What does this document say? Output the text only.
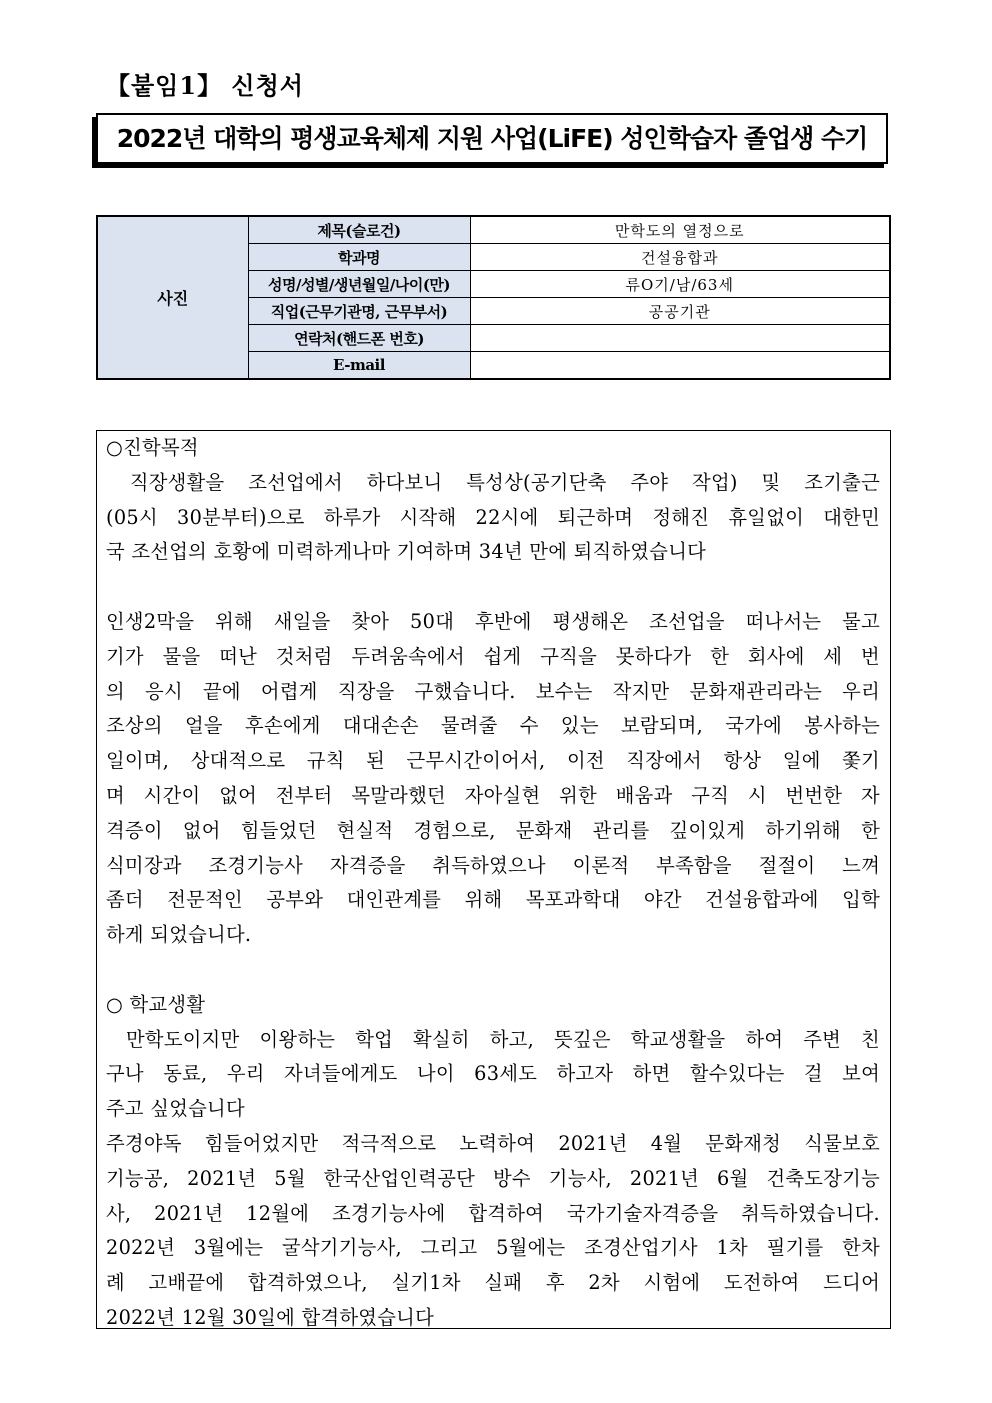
【붙임1】 신청서
2022년 대학의 평생교육체제 지원 사업(LiFE) 성인학습자 졸업생 수기
사진	제목(슬로건)	만학도의 열정으로
	학과명	건설융합과
	성명/성별/생년월일/나이(만)	류O기/남/63세
	직업(근무기관명, 근무부서)	공공기관
	연락처(핸드폰 번호)	
	E-mail	

○진학목적

직장생활을 조선업에서 하다보니 특성상(공기단축 주야 작업) 및 조기출근

(05시 30분부터)으로 하루가 시작해 22시에 퇴근하며 정해진 휴일없이 대한민

국 조선업의 호황에 미력하게나마 기여하며 34년 만에 퇴직하였습니다

인생2막을 위해 새일을 찾아 50대 후반에 평생해온 조선업을 떠나서는 물고

기가 물을 떠난 것처럼 두려움속에서 쉽게 구직을 못하다가 한 회사에 세 번

의 응시 끝에 어렵게 직장을 구했습니다. 보수는 작지만 문화재관리라는 우리

조상의 얼을 후손에게 대대손손 물려줄 수 있는 보람되며, 국가에 봉사하는

일이며, 상대적으로 규칙 된 근무시간이어서, 이전 직장에서 항상 일에 쫓기

며 시간이 없어 전부터 목말라했던 자아실현 위한 배움과 구직 시 번번한 자

격증이 없어 힘들었던 현실적 경험으로, 문화재 관리를 깊이있게 하기위해 한

식미장과 조경기능사 자격증을 취득하였으나 이론적 부족함을 절절이 느껴

좀더 전문적인 공부와 대인관계를 위해 목포과학대 야간 건설융합과에 입학

하게 되었습니다.

○ 학교생활

만학도이지만 이왕하는 학업 확실히 하고, 뜻깊은 학교생활을 하여 주변 친

구나 동료, 우리 자녀들에게도 나이 63세도 하고자 하면 할수있다는 걸 보여

주고 싶었습니다

주경야독 힘들어었지만 적극적으로 노력하여 2021년 4월 문화재청 식물보호

기능공, 2021년 5월 한국산업인력공단 방수 기능사, 2021년 6월 건축도장기능

사, 2021년 12월에 조경기능사에 합격하여 국가기술자격증을 취득하였습니다.

2022년 3월에는 굴삭기기능사, 그리고 5월에는 조경산업기사 1차 필기를 한차

례 고배끝에 합격하였으나, 실기1차 실패 후 2차 시험에 도전하여 드디어

2022년 12월 30일에 합격하였습니다
